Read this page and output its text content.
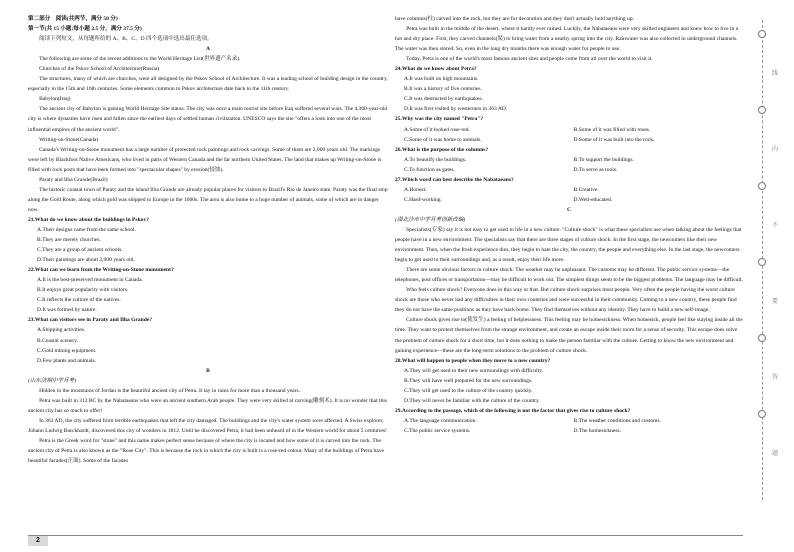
第二部分　阅读(共两节，满分 50 分)
第一节(共 15 小题;每小题 2.5 分，满分 37.5 分)
阅读下列短文，从每题所给的 A、B、C、D 四个选项中选出最佳选项。
A
The following are some of the recent additions to the World Heritage List(世界遗产名录).
Churches of the Pskov School of Architecture(Russia)
The structures, many of which are churches, were all designed by the Pskov School of Architecture. It was a leading school of building design in the country, especially in the 15th and 16th centuries. Some elements common to Pskov architecture date back to the 11th century.
Babylon(Iraq)
The ancient city of Babylon is gaining World Heritage Site status. The city was once a main tourist site before Iraq suffered several wars. The 4,300-year-old city is where dynasties have risen and fallen since the earliest days of settled human civilization. UNESCO says the site "offers a look into one of the most influential empires of the ancient world".
Writing-on-Stone(Canada)
Canada's Writing-on-Stone monument has a large number of protected rock paintings and rock carvings. Some of them are 2,000 years old. The markings were left by Blackfoot Native Americans, who lived in parts of Western Canada and the far northern United States. The land that makes up Writing-on-Stone is filled with rock posts that have been formed into "spectacular shapes" by erosion(侵蚀).
Paraty and Ilha Grande(Brazil)
The historic coastal town of Paraty and the island Ilha Grande are already popular places for visitors to Brazil's Rio de Janeiro state. Paraty was the final stop along the Gold Route, along which gold was shipped to Europe in the 1600s. The area is also home to a huge number of animals, some of which are in danger now.
21.What do we know about the buildings in Pskov?
A.Their designs came from the same school.
B.They are merely churches.
C.They are a group of ancient schools.
D.Their paintings are about 2,000 years old.
22.What can we learn from the Writing-on-Stone monument?
A.It is the best-preserved monument in Canada.
B.It enjoys great popularity with visitors.
C.It reflects the culture of the natives.
D.It was formed by nature.
23.What can visitors see in Paraty and Ilha Grande?
A.Shipping activities.
B.Coastal scenery.
C.Gold mining equipment.
D.Few plants and animals.
B
(山东济钢中学月考)
Hidden in the mountains of Jordan is the beautiful ancient city of Petra. It lay in ruins for more than a thousand years.
Petra was built in 312 BC by the Nabataeans who were an ancient southern Arab people. They were very skilled at carving(雕刻术). It is no wonder that this ancient city has so much to offer!
In 363 AD, the city suffered from terrible earthquakes that left the city damaged. The buildings and the city's water system were affected. A Swiss explorer, Johann Ludwig Burckhardt, discovered this city of wonders in 1812. Until he discovered Petra, it had been unheard of in the Western world for about 5 centuries!
Petra is the Greek word for "stone" and this name makes perfect sense because of where the city is located and how some of it is carved into the rock. The ancient city of Petra is also known as the "Rose City". This is because the rock in which the city is built is a rose-red colour. Many of the buildings of Petra have beautiful facades(正面). Some of the facades
have columns(柱) carved into the rock, but they are for decoration and they don't actually hold anything up.
Petra was built in the middle of the desert, where it hardly ever rained. Luckily, the Nabataeans were very skilled engineers and knew how to live in a hot and dry place. First, they carved channels(渠) to bring water from a nearby spring into the city. Rainwater was also collected in underground channels. The water was then stored. So, even in the long dry months there was enough water for people to use.
Today, Petra is one of the world's most famous ancient sites and people come from all over the world to visit it.
24.What do we know about Petra?
A.It was built on high mountains.
B.It was a history of five centuries.
C.It was destructed by earthquakes.
D.It was first visited by westerners in 363 AD.
25.Why was the city named "Petra"?
A.Some of it looked rose-red.	B.Some of it was filled with roses.
C.Some of it was home to animals.	D.Some of it was built into the rock.
26.What is the purpose of the columns?
A.To beautify the buildings.	B.To support the buildings.
C.To function as gates.	D.To serve as tools.
27.Which word can best describe the Nabataeans?
A.Honest.	B.Creative.
C.Hard-working.	D.Well-educated.
C
(湖北沙市中学月考创新改编)
Specialists(专家) say it is not easy to get used to life in a new culture. "Culture shock" is what these specialists use when talking about the feelings that people have in a new environment. The specialists say that there are three stages of culture shock. In the first stage, the newcomers like their new environment. Then, when the fresh experience dies, they begin to hate the city, the country, the people and everything else. In the last stage, the newcomers begin to get used to their surroundings and, as a result, enjoy their life more.
There are some obvious factors in culture shock. The weather may be unpleasant. The customs may be different. The public service systems—the telephones, post offices or transportation—may be difficult to work out. The simplest things seem to be the biggest problems. The language may be difficult.
Who feels culture shock? Everyone does in this way or that. But culture shock surprises most people. Very often the people having the worst culture shock are those who never had any difficulties in their own countries and were successful in their community. Coming to a new country, these people find they do not have the same positions as they have back home. They find themselves without any identity. They have to build a new self-image.
Culture shock gives rise to(使发生) a feeling of helplessness. This feeling may be homesickness. When homesick, people feel like staying inside all the time. They want to protect themselves from the strange environment, and create an escape inside their room for a sense of security. This escape does solve the problem of culture shock for a short time, but it does nothing to make the person familiar with the culture. Getting to know the new environment and gaining experience—these are the long-term solutions to the problem of culture shock.
28.What will happen to people when they move to a new country?
A.They will get used to their new surroundings with difficulty.
B.They will have well prepared for the new surroundings.
C.They will get used to the culture of the country quickly.
D.They will never be familiar with the culture of the country.
29.According to the passage, which of the following is not the factor that gives rise to culture shock?
A.The language communication.	B.The weather conditions and customs.
C.The public service systems.	D.The homesickness.
2
线
内
不
要
答
题
